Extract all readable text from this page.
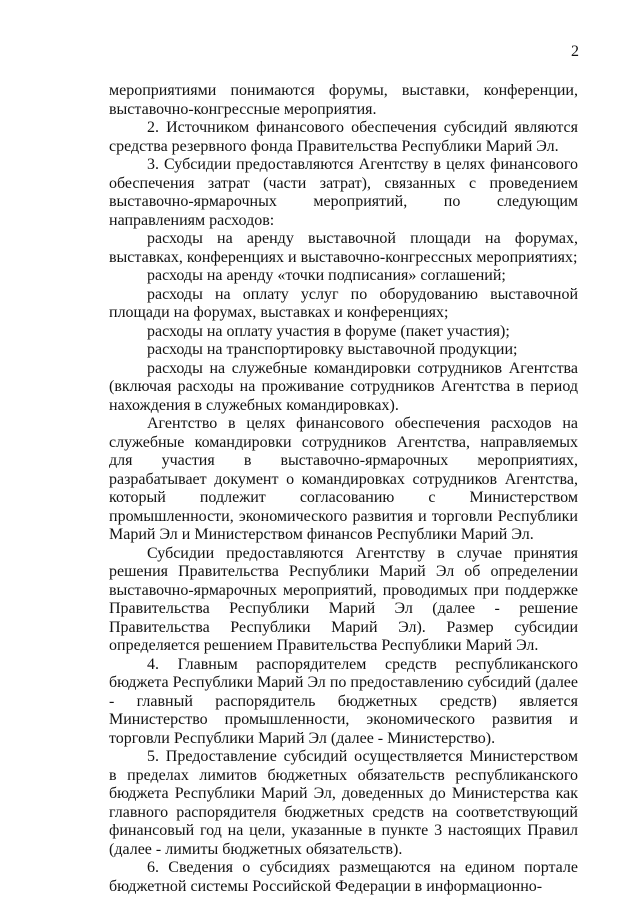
2

мероприятиями понимаются форумы, выставки, конференции, выставочно-конгрессные мероприятия.

2. Источником финансового обеспечения субсидий являются средства резервного фонда Правительства Республики Марий Эл.

3. Субсидии предоставляются Агентству в целях финансового обеспечения затрат (части затрат), связанных с проведением выставочно-ярмарочных мероприятий, по следующим направлениям расходов:

расходы на аренду выставочной площади на форумах, выставках, конференциях и выставочно-конгрессных мероприятиях;

расходы на аренду «точки подписания» соглашений;

расходы на оплату услуг по оборудованию выставочной площади на форумах, выставках и конференциях;

расходы на оплату участия в форуме (пакет участия);

расходы на транспортировку выставочной продукции;

расходы на служебные командировки сотрудников Агентства (включая расходы на проживание сотрудников Агентства в период нахождения в служебных командировках).

Агентство в целях финансового обеспечения расходов на служебные командировки сотрудников Агентства, направляемых для участия в выставочно-ярмарочных мероприятиях, разрабатывает документ о командировках сотрудников Агентства, который подлежит согласованию с Министерством промышленности, экономического развития и торговли Республики Марий Эл и Министерством финансов Республики Марий Эл.

Субсидии предоставляются Агентству в случае принятия решения Правительства Республики Марий Эл об определении выставочно-ярмарочных мероприятий, проводимых при поддержке Правительства Республики Марий Эл (далее - решение Правительства Республики Марий Эл). Размер субсидии определяется решением Правительства Республики Марий Эл.

4. Главным распорядителем средств республиканского бюджета Республики Марий Эл по предоставлению субсидий (далее - главный распорядитель бюджетных средств) является Министерство промышленности, экономического развития и торговли Республики Марий Эл (далее - Министерство).

5. Предоставление субсидий осуществляется Министерством в пределах лимитов бюджетных обязательств республиканского бюджета Республики Марий Эл, доведенных до Министерства как главного распорядителя бюджетных средств на соответствующий финансовый год на цели, указанные в пункте 3 настоящих Правил (далее - лимиты бюджетных обязательств).

6. Сведения о субсидиях размещаются на едином портале бюджетной системы Российской Федерации в информационно-
